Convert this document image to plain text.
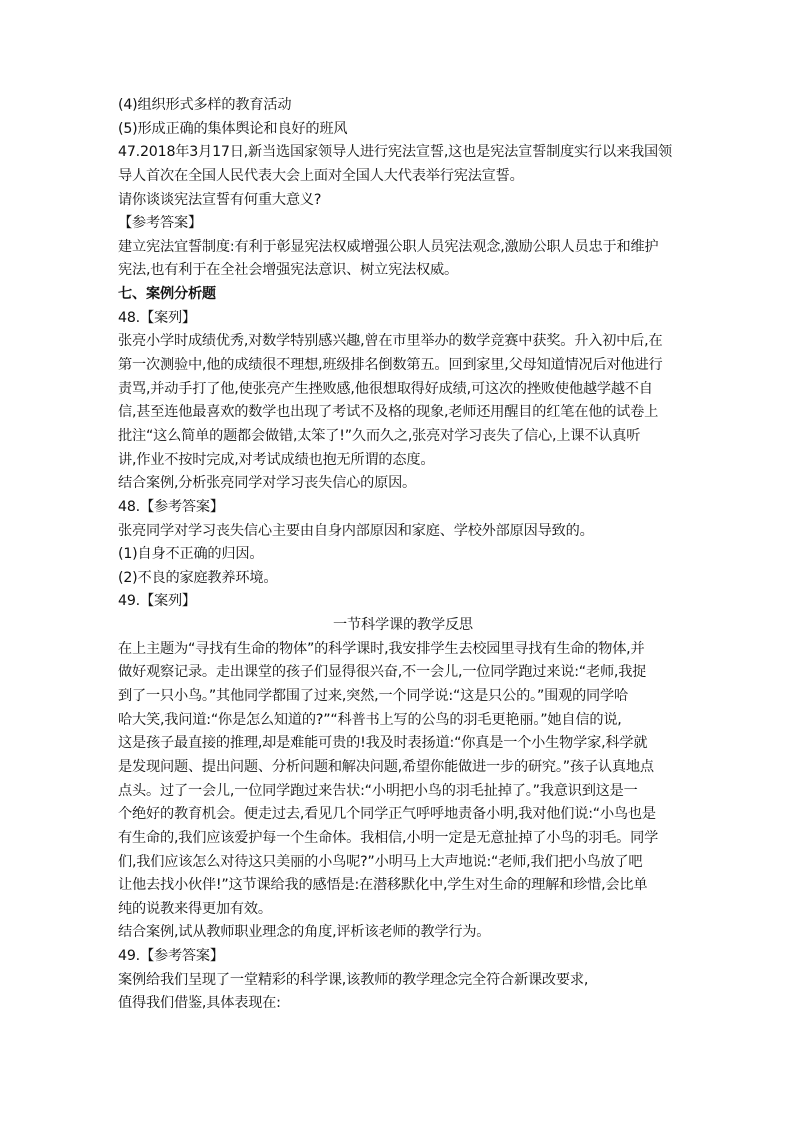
(4)组织形式多样的教育活动
(5)形成正确的集体舆论和良好的班风
47.2018年3月17日,新当选国家领导人进行宪法宣誓,这也是宪法宣誓制度实行以来我国领
导人首次在全国人民代表大会上面对全国人大代表举行宪法宣誓。
请你谈谈宪法宣誓有何重大意义?
【参考答案】
建立宪法宜誓制度:有利于彰显宪法权威增强公职人员宪法观念,激励公职人员忠于和维护
宪法,也有利于在全社会增强宪法意识、树立宪法权威。
七、案例分析题
48.【案列】
张亮小学时成绩优秀,对数学特别感兴趣,曾在市里举办的数学竞赛中获奖。升入初中后,在
第一次测验中,他的成绩很不理想,班级排名倒数第五。回到家里,父母知道情况后对他进行
责骂,并动手打了他,使张亮产生挫败感,他很想取得好成绩,可这次的挫败使他越学越不自
信,甚至连他最喜欢的数学也出现了考试不及格的现象,老师还用醒目的红笔在他的试卷上
批注“这么简单的题都会做错,太笨了!”久而久之,张亮对学习丧失了信心,上课不认真听
讲,作业不按时完成,对考试成绩也抱无所谓的态度。
结合案例,分析张亮同学对学习丧失信心的原因。
48.【参考答案】
张亮同学对学习丧失信心主要由自身内部原因和家庭、学校外部原因导致的。
(1)自身不正确的归因。
(2)不良的家庭教养环境。
49.【案列】
一节科学课的教学反思
在上主题为“寻找有生命的物体”的科学课时,我安排学生去校园里寻找有生命的物体,并
做好观察记录。走出课堂的孩子们显得很兴奋,不一会儿,一位同学跑过来说:“老师,我捉
到了一只小鸟。”其他同学都围了过来,突然,一个同学说:“这是只公的。”围观的同学哈
哈大笑,我问道:“你是怎么知道的?”“科普书上写的公鸟的羽毛更艳丽。”她自信的说,
这是孩子最直接的推理,却是难能可贵的!我及时表扬道:“你真是一个小生物学家,科学就
是发现问题、提出问题、分析问题和解决问题,希望你能做进一步的研究。”孩子认真地点
点头。过了一会儿,一位同学跑过来告状:“小明把小鸟的羽毛扯掉了。”我意识到这是一
个绝好的教育机会。便走过去,看见几个同学正气呼呼地责备小明,我对他们说:“小鸟也是
有生命的,我们应该爱护每一个生命体。我相信,小明一定是无意扯掉了小鸟的羽毛。同学
们,我们应该怎么对待这只美丽的小鸟呢?”小明马上大声地说:“老师,我们把小鸟放了吧
让他去找小伙伴!”这节课给我的感悟是:在潜移默化中,学生对生命的理解和珍惜,会比单
纯的说教来得更加有效。
结合案例,试从教师职业理念的角度,评析该老师的教学行为。
49.【参考答案】
案例给我们呈现了一堂精彩的科学课,该教师的教学理念完全符合新课改要求,
值得我们借鉴,具体表现在:
